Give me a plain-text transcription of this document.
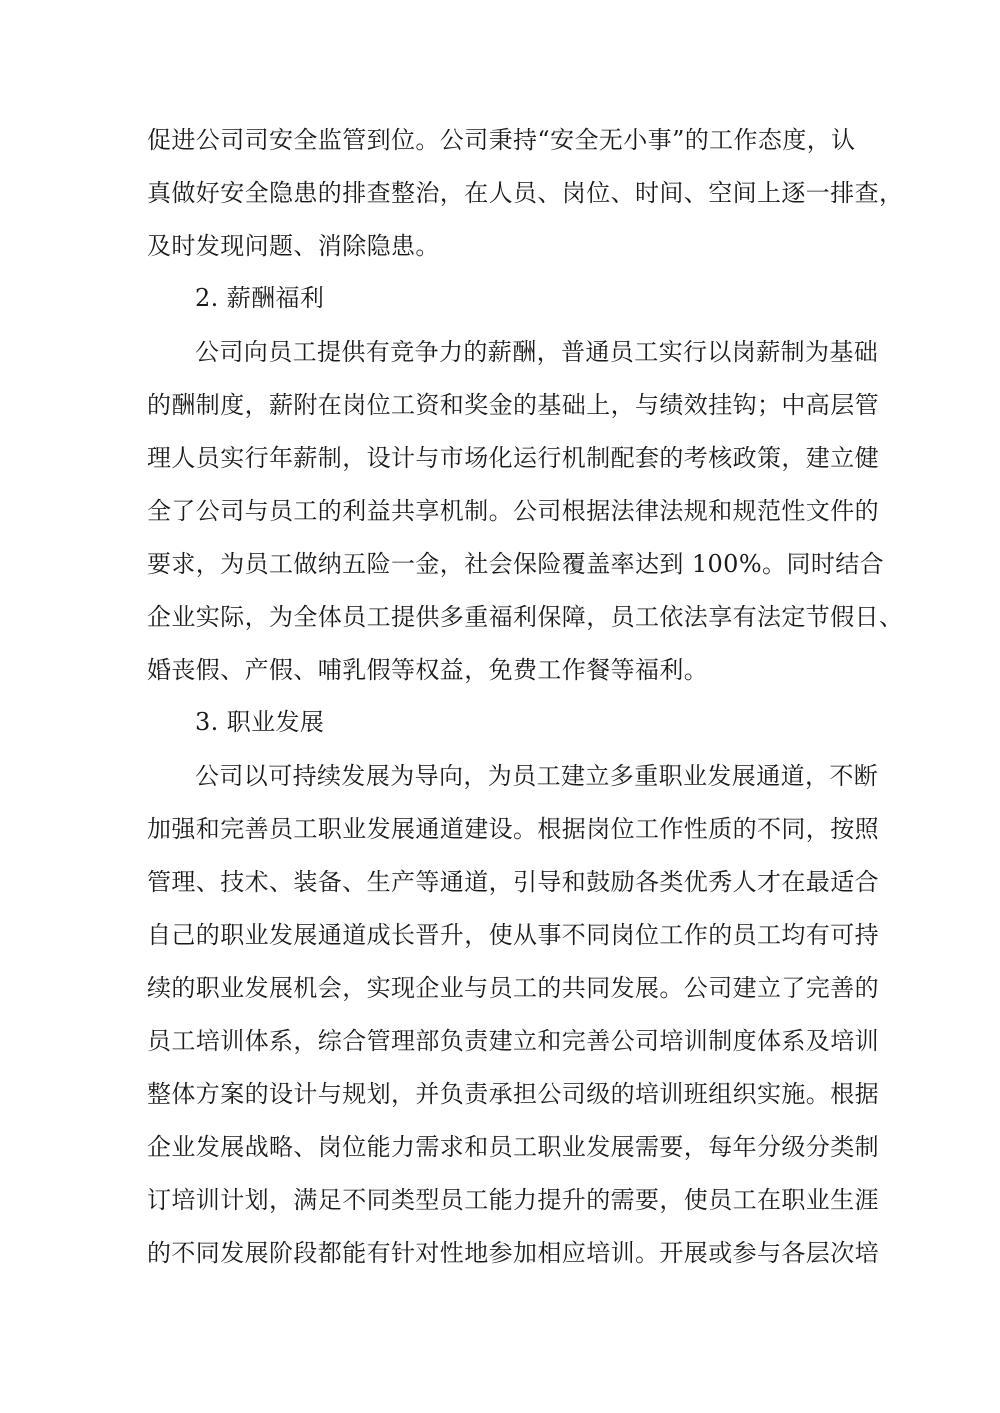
促进公司司安全监管到位。公司秉持“安全无小事”的工作态度，认
真做好安全隐患的排查整治，在人员、岗位、时间、空间上逐一排查，
及时发现问题、消除隐患。
2. 薪酬福利
公司向员工提供有竞争力的薪酬，普通员工实行以岗薪制为基础
的酬制度，薪附在岗位工资和奖金的基础上，与绩效挂钩；中高层管
理人员实行年薪制，设计与市场化运行机制配套的考核政策，建立健
全了公司与员工的利益共享机制。公司根据法律法规和规范性文件的
要求，为员工做纳五险一金，社会保险覆盖率达到 100%。同时结合
企业实际，为全体员工提供多重福利保障，员工依法享有法定节假日、
婚丧假、产假、哺乳假等权益，免费工作餐等福利。
3. 职业发展
公司以可持续发展为导向，为员工建立多重职业发展通道，不断
加强和完善员工职业发展通道建设。根据岗位工作性质的不同，按照
管理、技术、装备、生产等通道，引导和鼓励各类优秀人才在最适合
自己的职业发展通道成长晋升，使从事不同岗位工作的员工均有可持
续的职业发展机会，实现企业与员工的共同发展。公司建立了完善的
员工培训体系，综合管理部负责建立和完善公司培训制度体系及培训
整体方案的设计与规划，并负责承担公司级的培训班组织实施。根据
企业发展战略、岗位能力需求和员工职业发展需要，每年分级分类制
订培训计划，满足不同类型员工能力提升的需要，使员工在职业生涯
的不同发展阶段都能有针对性地参加相应培训。开展或参与各层次培
